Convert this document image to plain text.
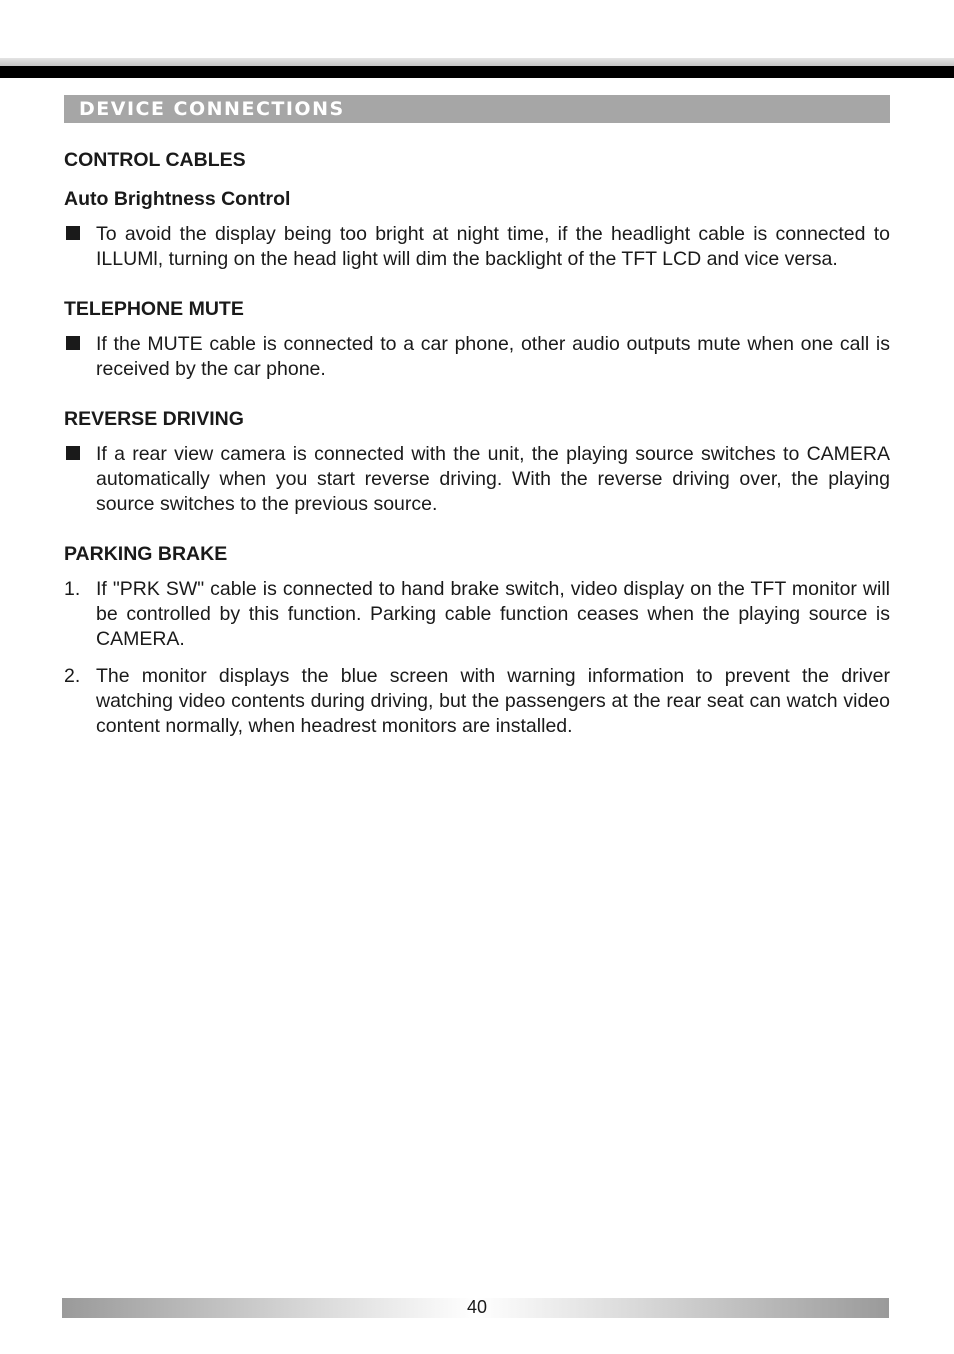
DEVICE CONNECTIONS

CONTROL CABLES

Auto Brightness Control

To avoid the display being too bright at night time, if the headlight cable is connected to ILLUMl, turning on the head light will dim the backlight of the TFT LCD and vice versa.

TELEPHONE MUTE

If the MUTE cable is connected to a car phone, other audio outputs mute when one call is received by the car phone.

REVERSE DRIVING

If a rear view camera is connected with the unit, the playing source switches to CAMERA automatically when you start reverse driving. With the reverse driving over, the playing source switches to the previous source.

PARKING BRAKE

1. If "PRK SW" cable is connected to hand brake switch, video display on the TFT monitor will be controlled by this function. Parking cable function ceases when the playing source is CAMERA.
2. The monitor displays the blue screen with warning information to prevent the driver watching video contents during driving, but the passengers at the rear seat can watch video content normally, when headrest monitors are installed.
40
